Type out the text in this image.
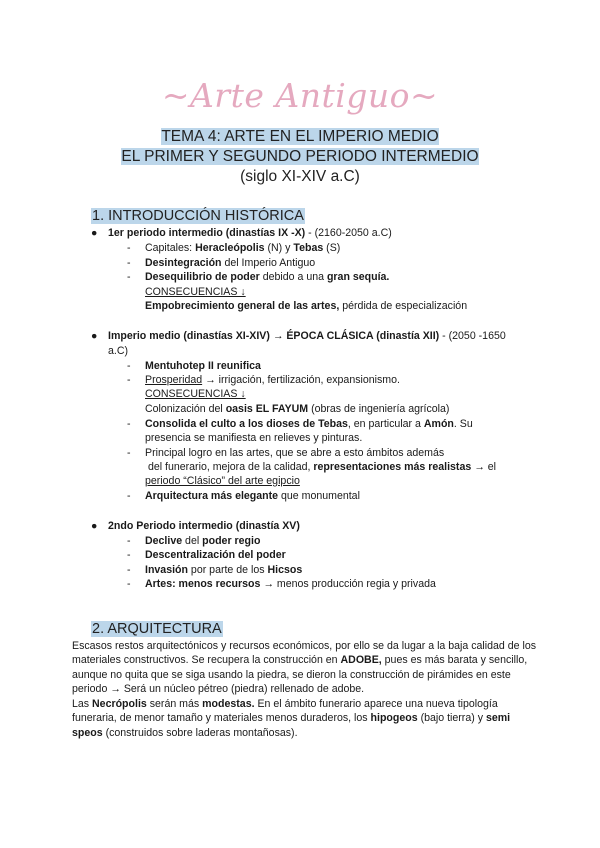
~Arte Antiguo~
TEMA 4: ARTE EN EL IMPERIO MEDIO
EL PRIMER Y SEGUNDO PERIODO INTERMEDIO
(siglo XI-XIV a.C)
1. INTRODUCCIÓN HISTÓRICA
● 1er periodo intermedio (dinastías IX -X) - (2160-2050 a.C)
- Capitales: Heracleópolis (N) y Tebas (S)
- Desintegración del Imperio Antiguo
- Desequilibrio de poder debido a una gran sequía.
CONSECUENCIAS ↓
Empobrecimiento general de las artes, pérdida de especialización
● Imperio medio (dinastías XI-XIV) → ÉPOCA CLÁSICA (dinastía XII) - (2050 -1650
a.C)
- Mentuhotep II reunifica
- Prosperidad → irrigación, fertilización, expansionismo.
CONSECUENCIAS ↓
Colonización del oasis EL FAYUM (obras de ingeniería agrícola)
- Consolida el culto a los dioses de Tebas, en particular a Amón. Su
presencia se manifiesta en relieves y pinturas.
- Principal logro en las artes, que se abre a esto ámbitos además
del funerario, mejora de la calidad, representaciones más realistas → el
periodo “Clásico” del arte egipcio
- Arquitectura más elegante que monumental
● 2ndo Periodo intermedio (dinastía XV)
- Declive del poder regio
- Descentralización del poder
- Invasión por parte de los Hicsos
- Artes: menos recursos → menos producción regia y privada
2. ARQUITECTURA
Escasos restos arquitectónicos y recursos económicos, por ello se da lugar a la baja calidad de los materiales constructivos. Se recupera la construcción en ADOBE, pues es más barata y sencillo, aunque no quita que se siga usando la piedra, se dieron la construcción de pirámides en este periodo → Será un núcleo pétreo (piedra) rellenado de adobe.
Las Necrópolis serán más modestas. En el ámbito funerario aparece una nueva tipología funeraria, de menor tamaño y materiales menos duraderos, los hipogeos (bajo tierra) y semi speos (construidos sobre laderas montañosas).
